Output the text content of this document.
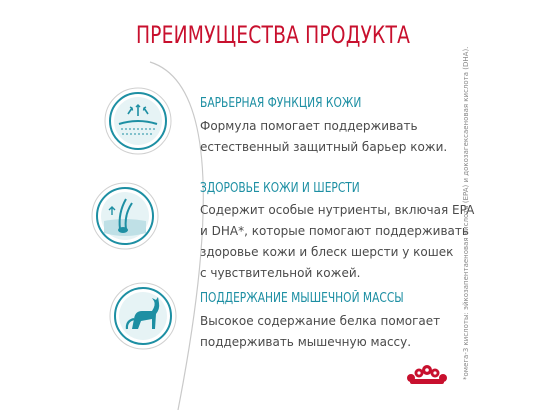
ПРЕИМУЩЕСТВА ПРОДУКТА
БАРЬЕРНАЯ ФУНКЦИЯ КОЖИ
Формула помогает поддерживать
естественный защитный барьер кожи.
ЗДОРОВЬЕ КОЖИ И ШЕРСТИ
Содержит особые нутриенты, включая EPA
и DHA*, которые помогают поддерживать
здоровье кожи и блеск шерсти у кошек
с чувствительной кожей.
ПОДДЕРЖАНИЕ МЫШЕЧНОЙ МАССЫ
Высокое содержание белка помогает
поддерживать мышечную массу.	*омега-3 кислоты: эйкозапентаеновая кислота (EPA) и докозагексаеновая кислота (DHA).
